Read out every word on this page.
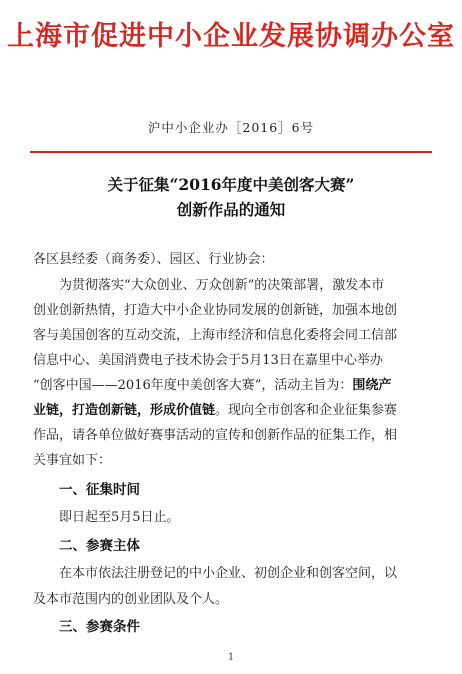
上海市促进中小企业发展协调办公室
沪中小企业办［2016］6号
关于征集“2016年度中美创客大赛”
创新作品的通知
各区县经委（商务委）、园区、行业协会：
为贯彻落实“大众创业、万众创新”的决策部署，激发本市
创业创新热情，打造大中小企业协同发展的创新链，加强本地创
客与美国创客的互动交流，上海市经济和信息化委将会同工信部
信息中心、美国消费电子技术协会于5月13日在嘉里中心举办
“创客中国——2016年度中美创客大赛”，活动主旨为：围绕产
业链，打造创新链，形成价值链。现向全市创客和企业征集参赛
作品，请各单位做好赛事活动的宣传和创新作品的征集工作，相
关事宜如下：
一、征集时间
即日起至5月5日止。
二、参赛主体
在本市依法注册登记的中小企业、初创企业和创客空间，以
及本市范围内的创业团队及个人。
三、参赛条件
1
